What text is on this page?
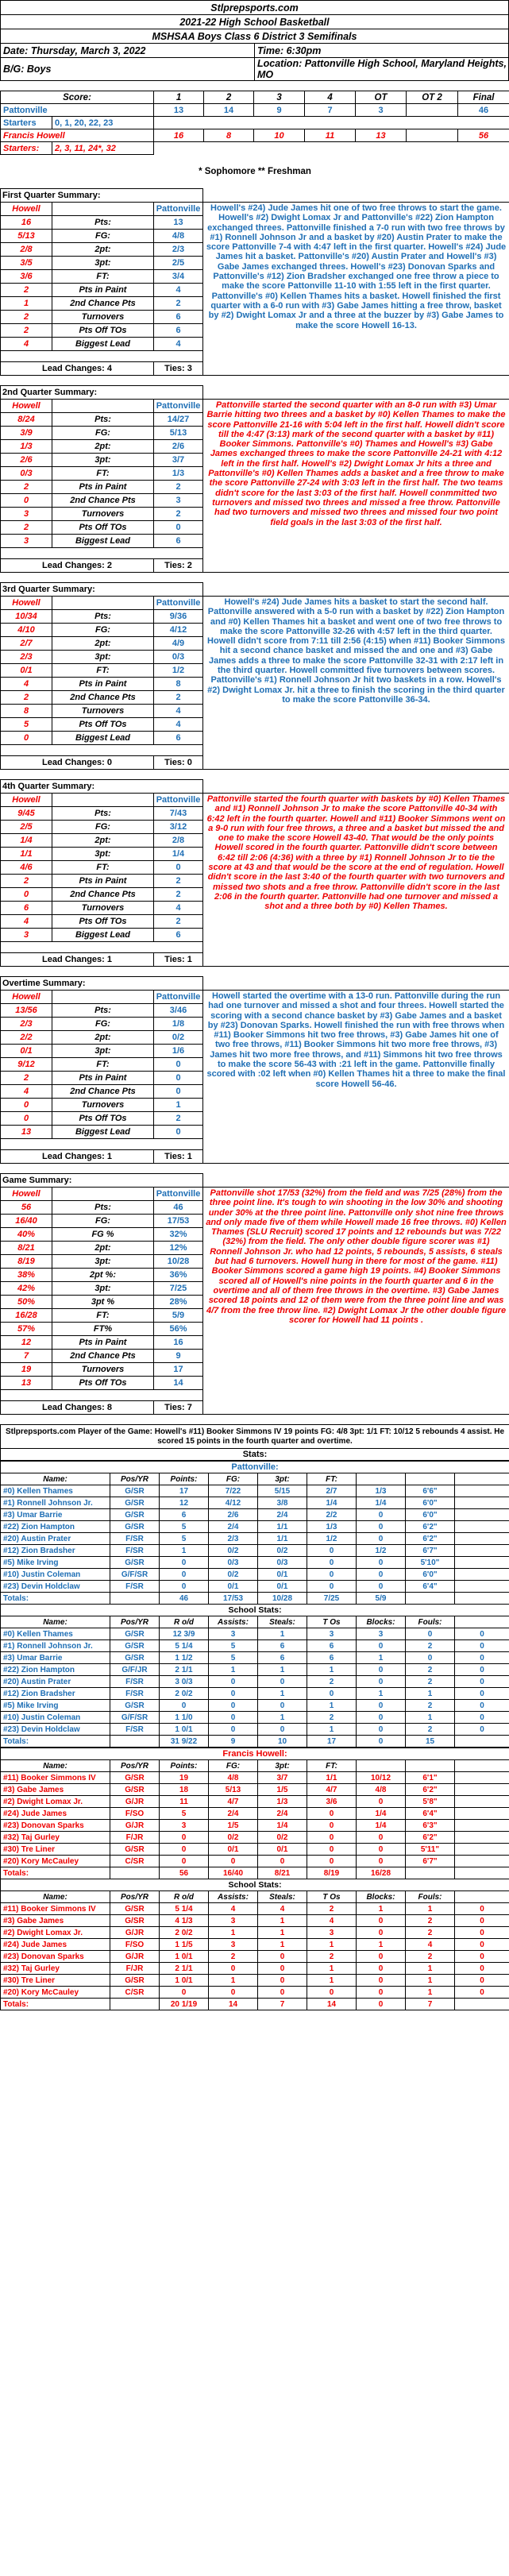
Stlprepsports.com	
2021-22 High School Basketball	
MSHSAA Boys Class 6 District 3 Semifinals	
Date: Thursday, March 3, 2022	Time: 6:30pm
B/G: Boys	Location: Pattonville High School, Maryland Heights, MO

Score:		1	2	3	4	OT	OT 2	Final
Pattonville		13	14	9	7	3		46
Starters	0, 1, 20, 22, 23							
Francis Howell		16	8	10	11	13		56
Starters:	2, 3, 11, 24*, 32							

* Sophomore ** Freshman								

First Quarter Summary:			
Howell		Pattonville	Howell's #24) Jude James hit one of two free throws to start the game. Howell's #2) Dwight Lomax Jr and Pattonville's #22) Zion Hampton exchanged threes. Pattonville finished a 7-0 run with two free throws by #1) Ronnell Johnson Jr and a basket by #20) Austin Prater to make the score Pattonville 7-4 with 4:47 left in the first quarter. Howell's #24) Jude James hit a basket. Pattonville's #20) Austin Prater and Howell's #3) Gabe James exchanged threes. Howell's #23) Donovan Sparks and Pattonville's #12) Zion Bradsher exchanged one free throw a piece to make the score Pattonville 11-10 with 1:55 left in the first quarter. Pattonville's #0) Kellen Thames hits a basket. Howell finished the first quarter with a 6-0 run with #3) Gabe James hitting a free throw, basket by #2) Dwight Lomax Jr and a three at the buzzer by #3) Gabe James to make the score Howell 16-13.
16	Pts:	13	
5/13	FG:	4/8	
2/8	2pt:	2/3	
3/5	3pt:	2/5	
3/6	FT:	3/4	
2	Pts in Paint	4	
1	2nd Chance Pts	2	
2	Turnovers	6	
2	Pts Off TOs	6	
4	Biggest Lead	4	

Lead Changes: 4		Ties: 3	

2nd Quarter Summary:			
Howell		Pattonville	Pattonville started the second quarter with an 8-0 run with #3) Umar Barrie hitting two threes and a basket by #0) Kellen Thames to make the score Pattonville 21-16 with 5:04 left in the first half. Howell didn't score till the 4:47 (3:13) mark of the second quarter with a basket by #11) Booker Simmons. Pattonville's #0) Thames and Howell's #3) Gabe James exchanged threes to make the score Pattonville 24-21 with 4:12 left in the first half. Howell's #2) Dwight Lomax Jr hits a three and Pattonville's #0) Kellen Thames adds a basket and a free throw to make the score Pattonville 27-24 with 3:03 left in the first half. The two teams didn't score for the last 3:03 of the first half. Howell conmmitted two turnovers and missed two threes and missed a free throw. Pattonville had two turnovers and missed two threes and missed four two point field goals in the last 3:03 of the first half.
8/24	Pts:	14/27	
3/9	FG:	5/13	
1/3	2pt:	2/6	
2/6	3pt:	3/7	
0/3	FT:	1/3	
2	Pts in Paint	2	
0	2nd Chance Pts	3	
3	Turnovers	2	
2	Pts Off TOs	0	
3	Biggest Lead	6	

Lead Changes: 2		Ties: 2	

3rd Quarter Summary:			
Howell		Pattonville	Howell's #24) Jude James hits a basket to start the second half. Pattonville answered with a 5-0 run with a basket by #22) Zion Hampton and #0) Kellen Thames hit a basket and went one of two free throws to make the score Pattonville 32-26 with 4:57 left in the third quarter. Howell didn't score from 7:11 till 2:56 (4:15) when #11) Booker Simmons hit a second chance basket and missed the and one and #3) Gabe James adds a three to make the score Pattonville 32-31 with 2:17 left in the third quarter. Howell committed five turnovers between scores. Pattonville's #1) Ronnell Johnson Jr hit two baskets in a row. Howell's #2) Dwight Lomax Jr. hit a three to finish the scoring in the third quarter to make the score Pattonville 36-34.
10/34	Pts:	9/36	
4/10	FG:	4/12	
2/7	2pt:	4/9	
2/3	3pt:	0/3	
0/1	FT:	1/2	
4	Pts in Paint	8	
2	2nd Chance Pts	2	
8	Turnovers	4	
5	Pts Off TOs	4	
0	Biggest Lead	6	

Lead Changes: 0		Ties: 0	

4th Quarter Summary:			
Howell		Pattonville	Pattonville started the fourth quarter with baskets by #0) Kellen Thames and #1) Ronnell Johnson Jr to make the score Pattonville 40-34 with 6:42 left in the fourth quarter. Howell and #11) Booker Simmons went on a 9-0 run with four free throws, a three and a basket but missed the and one to make the score Howell 43-40. That would be the only points Howell scored in the fourth quarter. Pattonville didn't score between 6:42 till 2:06 (4:36) with a three by #1) Ronnell Johnson Jr to tie the score at 43 and that would be the score at the end of regulation. Howell didn't score in the last 3:40 of the fourth quarter with two turnovers and missed two shots and a free throw. Pattonville didn't score in the last 2:06 in the fourth quarter. Pattonville had one turnover and missed a shot and a three both by #0) Kellen Thames.
9/45	Pts:	7/43	
2/5	FG:	3/12	
1/4	2pt:	2/8	
1/1	3pt:	1/4	
4/6	FT:	0	
2	Pts in Paint	2	
0	2nd Chance Pts	2	
6	Turnovers	4	
4	Pts Off TOs	2	
3	Biggest Lead	6	

Lead Changes: 1		Ties: 1	

Overtime Summary:			
Howell		Pattonville	Howell started the overtime with a 13-0 run. Pattonville during the run had one turnover and missed a shot and four threes. Howell started the scoring with a second chance basket by #3) Gabe James and a basket by #23) Donovan Sparks. Howell finished the run with free throws when #11) Booker Simmons hit two free throws, #3) Gabe James hit one of two free throws, #11) Booker Simmons hit two more free throws, #3) James hit two more free throws, and #11) Simmons hit two free throws to make the score 56-43 with :21 left in the game. Pattonville finally scored with :02 left when #0) Kellen Thames hit a three to make the final score Howell 56-46.
13/56	Pts:	3/46	
2/3	FG:	1/8	
2/2	2pt:	0/2	
0/1	3pt:	1/6	
9/12	FT:	0	
2	Pts in Paint	0	
4	2nd Chance Pts	0	
0	Turnovers	1	
0	Pts Off TOs	2	
13	Biggest Lead	0	

Lead Changes: 1		Ties: 1	

Game Summary:			
Howell		Pattonville	Pattonville shot 17/53 (32%) from the field and was 7/25 (28%) from the three point line. It's tough to win shooting in the low 30% and shooting under 30% at the three point line. Pattonville only shot nine free throws and only made five of them while Howell made 16 free throws. #0) Kellen Thames (SLU Recruit) scored 17 points and 12 rebounds but was 7/22 (32%) from the field. The only other double figure scorer was #1) Ronnell Johnson Jr. who had 12 points, 5 rebounds, 5 assists, 6 steals but had 6 turnovers. Howell hung in there for most of the game. #11) Booker Simmons scored a game high 19 points. #4) Booker Simmons scored all of Howell's nine points in the fourth quarter and 6 in the overtime and all of them free throws in the overtime. #3) Gabe James scored 18 points and 12 of them were from the three point line and was 4/7 from the free throw line. #2) Dwight Lomax Jr the other double figure scorer for Howell had 11 points .
56	Pts:	46	
16/40	FG:	17/53	
40%	FG %	32%	
8/21	2pt:	12%	
8/19	3pt:	10/28	
38%	2pt %:	36%	
42%	3pt:	7/25	
50%	3pt %	28%	
16/28	FT:	5/9	
57%	FT%	56%	
12	Pts in Paint	16	
7	2nd Chance Pts	9	
19	Turnovers	17	
13	Pts Off TOs	14	

Lead Changes: 8		Ties: 7	

Stlprepsports.com Player of the Game: Howell's #11) Booker Simmons IV 19 points FG: 4/8 3pt: 1/1 FT: 10/12 5 rebounds 4 assist. He scored 15 points in the fourth quarter and overtime.
Stats:
Pattonville:								
Name:	Pos/YR	Points:	FG:	3pt:	FT:			
#0) Kellen Thames	G/SR	17	7/22	5/15	2/7	1/3	6'6"	
#1) Ronnell Johnson Jr.	G/SR	12	4/12	3/8	1/4	1/4	6'0"	
#3) Umar Barrie	G/SR	6	2/6	2/4	2/2	0	6'0"	
#22) Zion Hampton	G/SR	5	2/4	1/1	1/3	0	6'2"	
#20) Austin Prater	F/SR	5	2/3	1/1	1/2	0	6'2"	
#12) Zion Bradsher	F/SR	1	0/2	0/2	0	1/2	6'7"	
#5) Mike Irving	G/SR	0	0/3	0/3	0	0	5'10"	
#10) Justin Coleman	G/F/SR	0	0/2	0/1	0	0	6'0"	
#23) Devin Holdclaw	F/SR	0	0/1	0/1	0	0	6'4"	
Totals:		46	17/53	10/28	7/25	5/9		
School Stats:								
Name:	Pos/YR	R o/d	Assists:	Steals:	T Os	Blocks:	Fouls:	
#0) Kellen Thames	G/SR	12 3/9	3	1	3	3	0	0
#1) Ronnell Johnson Jr.	G/SR	5 1/4	5	6	6	0	2	0
#3) Umar Barrie	G/SR	1 1/2	5	6	6	1	0	0
#22) Zion Hampton	G/F/JR	2 1/1	1	1	1	0	2	0
#20) Austin Prater	F/SR	3 0/3	0	0	2	0	2	0
#12) Zion Bradsher	F/SR	2 0/2	0	1	0	1	1	0
#5) Mike Irving	G/SR	0	0	0	1	0	2	0
#10) Justin Coleman	G/F/SR	1 1/0	0	1	2	0	1	0
#23) Devin Holdclaw	F/SR	1 0/1	0	0	1	0	2	0
Totals:		31 9/22	9	10	17	0	15	
Francis Howell:								
Name:	Pos/YR	Points:	FG:	3pt:	FT:			
#11) Booker Simmons IV	G/SR	19	4/8	3/7	1/1	10/12	6'1"	
#3) Gabe James	G/SR	18	5/13	1/5	4/7	4/8	6'2"	
#2) Dwight Lomax Jr.	G/JR	11	4/7	1/3	3/6	0	5'8"	
#24) Jude James	F/SO	5	2/4	2/4	0	1/4	6'4"	
#23) Donovan Sparks	G/JR	3	1/5	1/4	0	1/4	6'3"	
#32) Taj Gurley	F/JR	0	0/2	0/2	0	0	6'2"	
#30) Tre Liner	G/SR	0	0/1	0/1	0	0	5'11"	
#20) Kory McCauley	C/SR	0	0	0	0	0	6'7"	
Totals:		56	16/40	8/21	8/19	16/28		
School Stats:								
Name:	Pos/YR	R o/d	Assists:	Steals:	T Os	Blocks:	Fouls:	
#11) Booker Simmons IV	G/SR	5 1/4	4	4	2	1	1	0
#3) Gabe James	G/SR	4 1/3	3	1	4	0	2	0
#2) Dwight Lomax Jr.	G/JR	2 0/2	1	1	3	0	2	0
#24) Jude James	F/SO	1 1/5	3	1	1	1	4	0
#23) Donovan Sparks	G/JR	1 0/1	2	0	2	0	2	0
#32) Taj Gurley	F/JR	2 1/1	0	0	1	0	1	0
#30) Tre Liner	G/SR	1 0/1	1	0	1	0	1	0
#20) Kory McCauley	C/SR	0	0	0	0	0	1	0
Totals:		20 1/19	14	7	14	0	7	
